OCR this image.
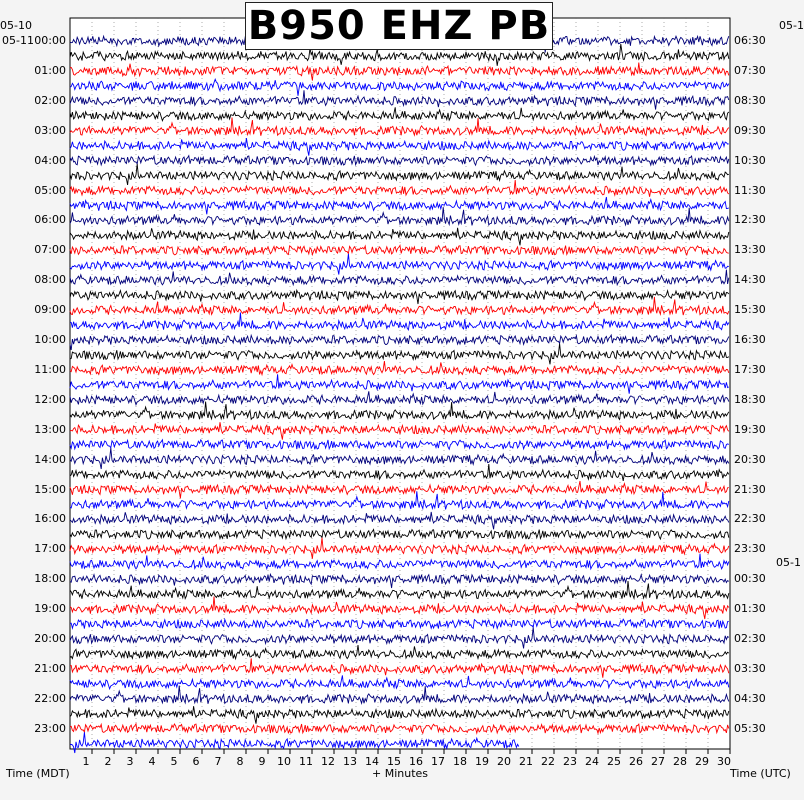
1 2 3 4 5 6 7 8 9 10 11 12 13 14 15 16 17 18 19 20 21 22 23 24 25 26 27 28 29 30
00:00
01:00
02:00
03:00
04:00
05:00
06:00
07:00
08:00
09:00
10:00
11:00
12:00
13:00
14:00
15:00
16:00
17:00
18:00
19:00
20:00
21:00
22:00
23:00
06:30
07:30
08:30
09:30
10:30
11:30
12:30
13:30
14:30
15:30
16:30
17:30
18:30
19:30
20:30
21:30
22:30
23:30
00:30
01:30
02:30
03:30
04:30
05:30
05-10
05-11
05-1
05-1
B950 EHZ PB
Time (MDT)	+ Minutes	Time (UTC)
